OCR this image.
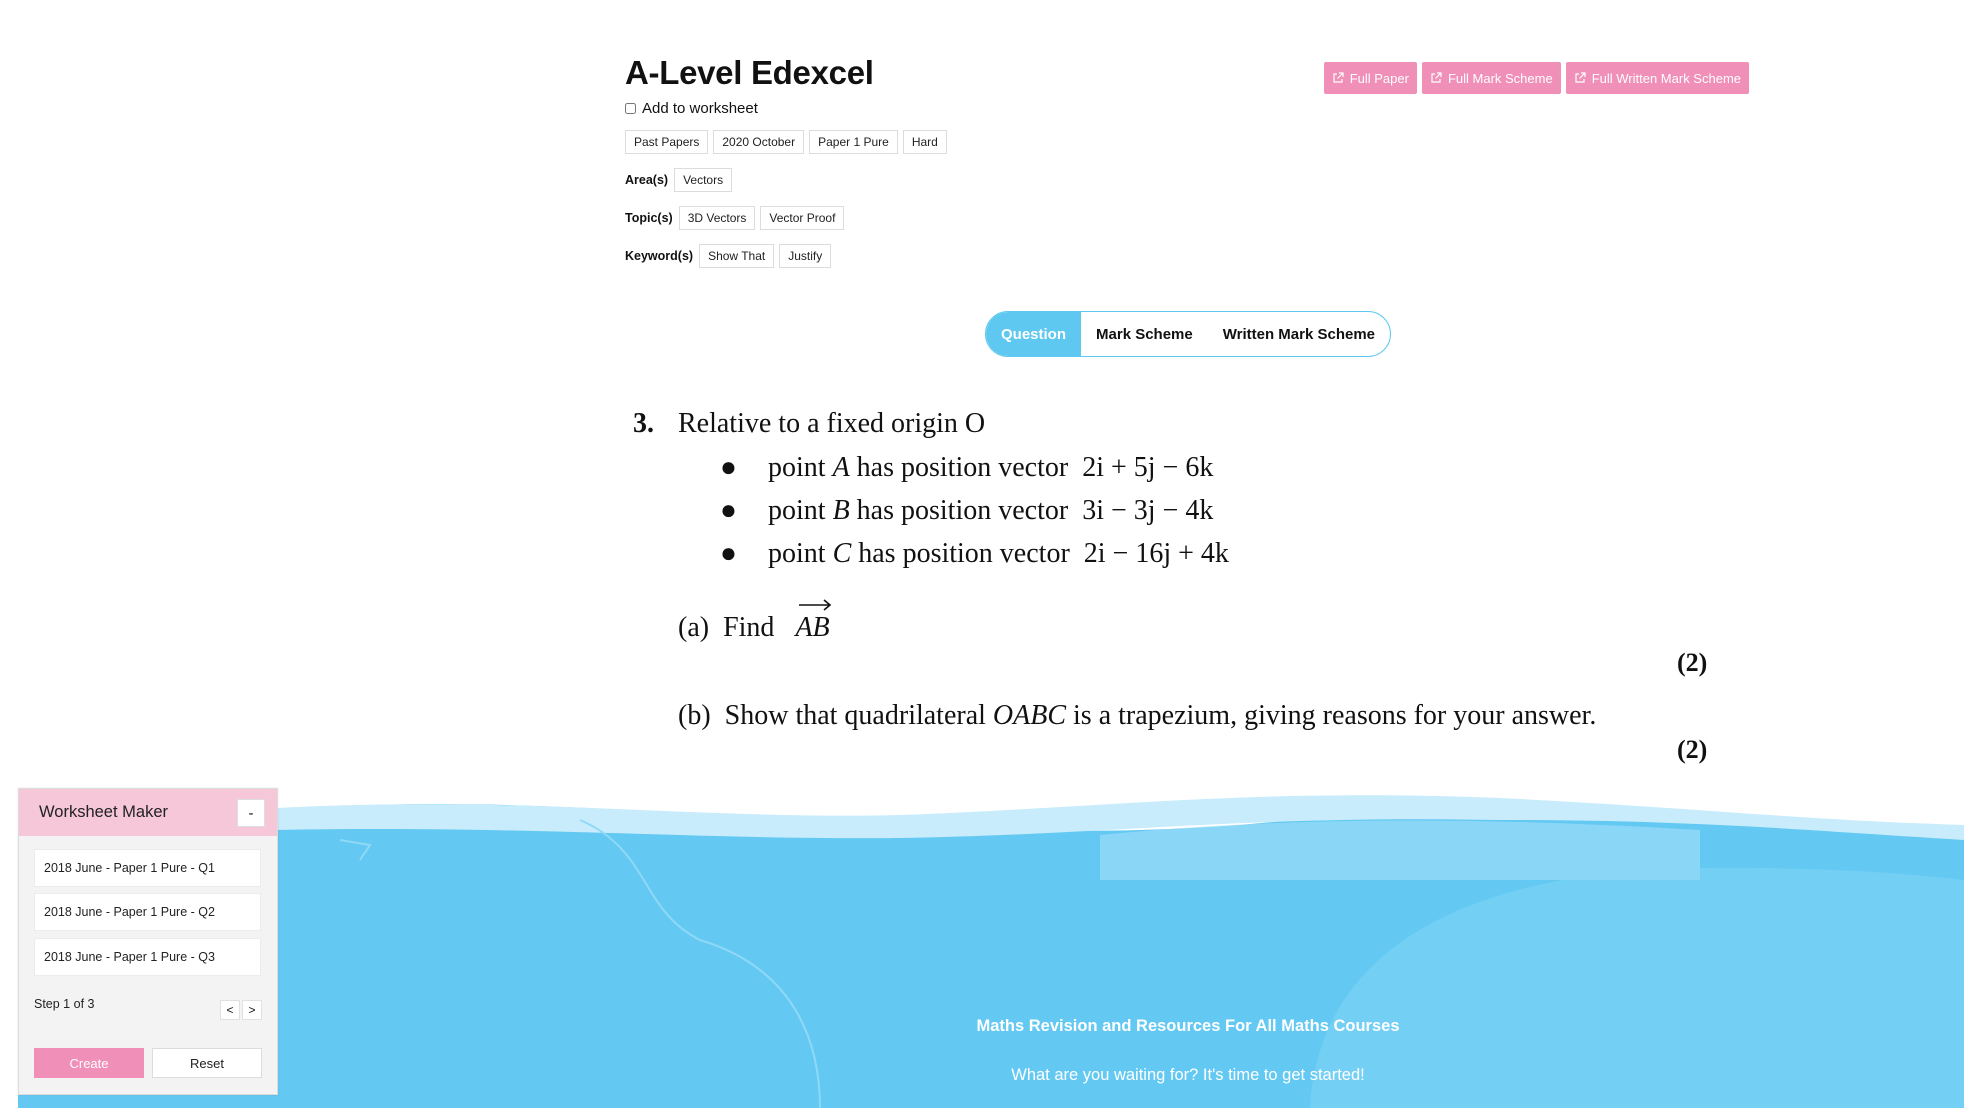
A-Level Edexcel
Add to worksheet
Full Paper	Full Mark Scheme	Full Written Mark Scheme
Past Papers	2020 October	Paper 1 Pure	Hard
Area(s)	Vectors
Topic(s)	3D Vectors	Vector Proof
Keyword(s)	Show That	Justify
Question	Mark Scheme	Written Mark Scheme
3. Relative to a fixed origin O
●	point A has position vector  2i + 5j − 6k
●	point B has position vector  3i − 3j − 4k
●	point C has position vector  2i − 16j + 4k
(a) Find AB
(2)
(b) Show that quadrilateral OABC is a trapezium, giving reasons for your answer.
(2)
Maths Revision and Resources For All Maths Courses
What are you waiting for? It's time to get started!
Worksheet Maker	-
2018 June - Paper 1 Pure - Q1
2018 June - Paper 1 Pure - Q2
2018 June - Paper 1 Pure - Q3
Step 1 of 3	<	>
Create	Reset
